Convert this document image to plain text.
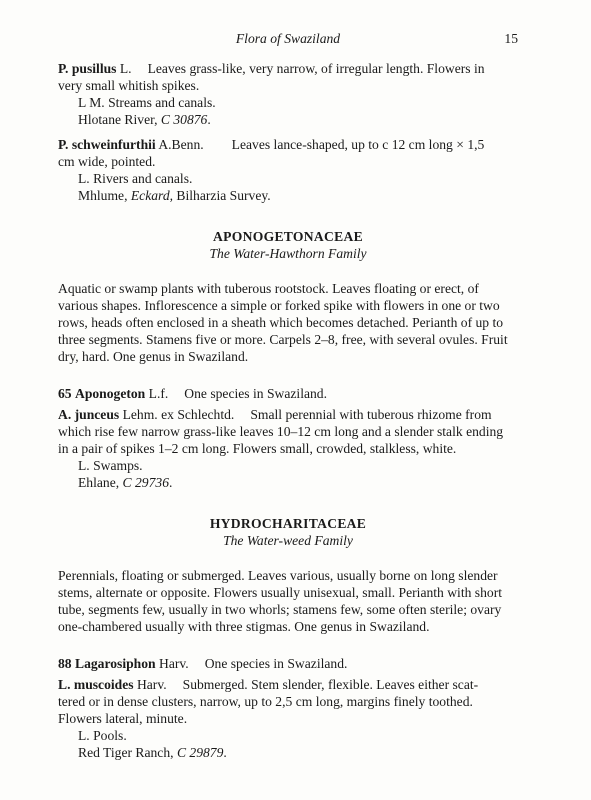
Flora of Swaziland	15

P. pusillus L. Leaves grass-like, very narrow, of irregular length. Flowers in

very small whitish spikes.

L M. Streams and canals.

Hlotane River, C 30876.

P. schweinfurthii A.Benn. Leaves lance-shaped, up to c 12 cm long × 1,5

cm wide, pointed.

L. Rivers and canals.

Mhlume, Eckard, Bilharzia Survey.

APONOGETONACEAE

The Water-Hawthorn Family

Aquatic or swamp plants with tuberous rootstock. Leaves floating or erect, of

various shapes. Inflorescence a simple or forked spike with flowers in one or two

rows, heads often enclosed in a sheath which becomes detached. Perianth of up to

three segments. Stamens five or more. Carpels 2–8, free, with several ovules. Fruit

dry, hard. One genus in Swaziland.

65 Aponogeton L.f. One species in Swaziland.

A. junceus Lehm. ex Schlechtd. Small perennial with tuberous rhizome from

which rise few narrow grass-like leaves 10–12 cm long and a slender stalk ending

in a pair of spikes 1–2 cm long. Flowers small, crowded, stalkless, white.

L. Swamps.

Ehlane, C 29736.

HYDROCHARITACEAE

The Water-weed Family

Perennials, floating or submerged. Leaves various, usually borne on long slender

stems, alternate or opposite. Flowers usually unisexual, small. Perianth with short

tube, segments few, usually in two whorls; stamens few, some often sterile; ovary

one-chambered usually with three stigmas. One genus in Swaziland.

88 Lagarosiphon Harv. One species in Swaziland.

L. muscoides Harv. Submerged. Stem slender, flexible. Leaves either scat-

tered or in dense clusters, narrow, up to 2,5 cm long, margins finely toothed.

Flowers lateral, minute.

L. Pools.

Red Tiger Ranch, C 29879.
